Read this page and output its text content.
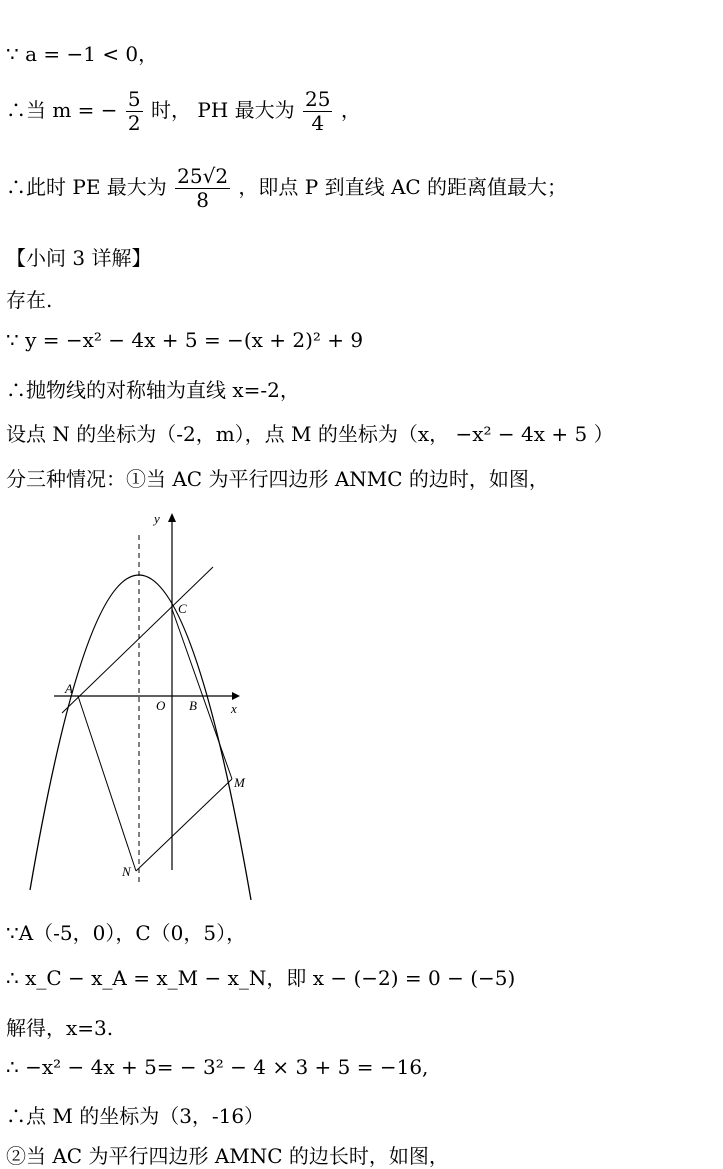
∵ a = −1 < 0，
∴当 m = − $\frac{5}{2}$ 时， PH 最大为 $\frac{25}{4}$ ，
∴此时 PE 最大为 $\frac{25√2}{8}$ ，即点 P 到直线 AC 的距离值最大；
【小问 3 详解】
存在.
∵ y = −x² − 4x + 5 = −(x + 2)² + 9
∴抛物线的对称轴为直线 x=-2，
设点 N 的坐标为（-2，m），点 M 的坐标为（x， −x² − 4x + 5 ）
分三种情况：①当 AC 为平行四边形 ANMC 的边时，如图，
y
x
O
A
B
C
M
N
∵A（-5，0），C（0，5），
∴ x_C − x_A = x_M − x_N，即 x − (−2) = 0 − (−5)
解得，x=3.
∴ −x² − 4x + 5= − 3² − 4 × 3 + 5 = −16,
∴点 M 的坐标为（3，-16）
②当 AC 为平行四边形 AMNC 的边长时，如图，
